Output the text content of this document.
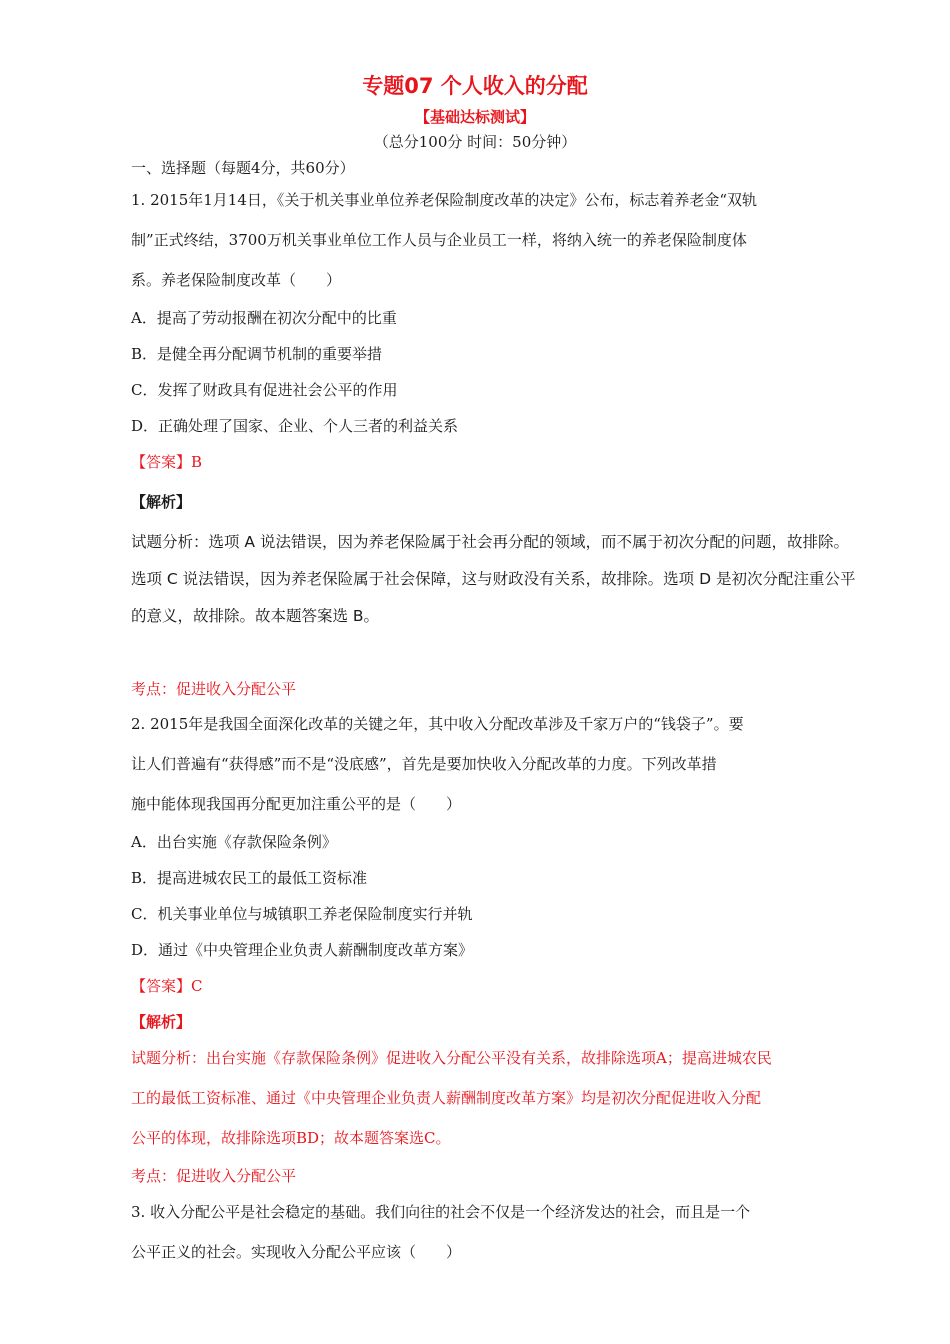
专题07 个人收入的分配
【基础达标测试】
（总分100分 时间：50分钟）
一、选择题（每题4分，共60分）
1. 2015年1月14日，《关于机关事业单位养老保险制度改革的决定》公布，标志着养老金“双轨
制”正式终结，3700万机关事业单位工作人员与企业员工一样，将纳入统一的养老保险制度体
系。养老保险制度改革（　　）
A．提高了劳动报酬在初次分配中的比重
B．是健全再分配调节机制的重要举措
C．发挥了财政具有促进社会公平的作用
D．正确处理了国家、企业、个人三者的利益关系
【答案】B
【解析】
试题分析：选项 A 说法错误，因为养老保险属于社会再分配的领域，而不属于初次分配的问题，故排除。
选项 C 说法错误，因为养老保险属于社会保障，这与财政没有关系，故排除。选项 D 是初次分配注重公平
的意义，故排除。故本题答案选 B。
考点：促进收入分配公平
2. 2015年是我国全面深化改革的关键之年，其中收入分配改革涉及千家万户的“钱袋子”。要
让人们普遍有“获得感”而不是“没底感”，首先是要加快收入分配改革的力度。下列改革措
施中能体现我国再分配更加注重公平的是（　　）
A．出台实施《存款保险条例》
B．提高进城农民工的最低工资标准
C．机关事业单位与城镇职工养老保险制度实行并轨
D．通过《中央管理企业负责人薪酬制度改革方案》
【答案】C
【解析】
试题分析：出台实施《存款保险条例》促进收入分配公平没有关系，故排除选项A；提高进城农民
工的最低工资标准、通过《中央管理企业负责人薪酬制度改革方案》均是初次分配促进收入分配
公平的体现，故排除选项BD；故本题答案选C。
考点：促进收入分配公平
3. 收入分配公平是社会稳定的基础。我们向往的社会不仅是一个经济发达的社会，而且是一个
公平正义的社会。实现收入分配公平应该（　　）
